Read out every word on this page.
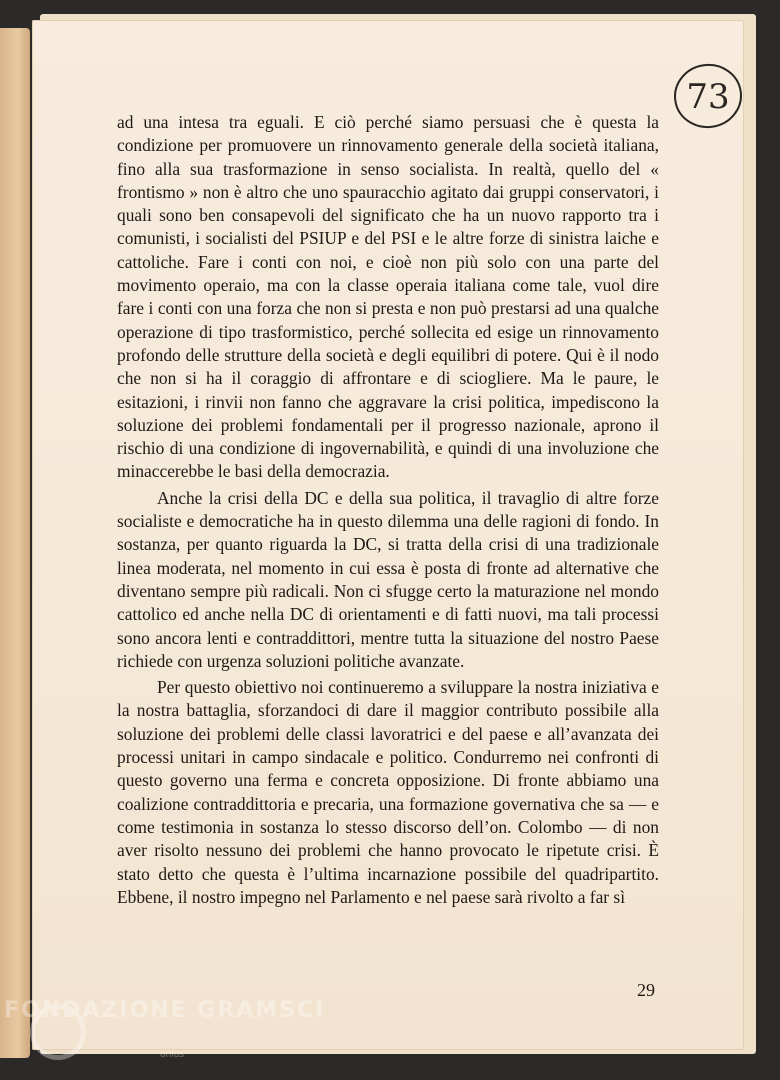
73

ad una intesa tra eguali. E ciò perché siamo persuasi che è questa la condizione per promuovere un rinnovamento generale della società italiana, fino alla sua trasformazione in senso socialista. In realtà, quello del « frontismo » non è altro che uno spauracchio agitato dai gruppi conservatori, i quali sono ben consapevoli del significato che ha un nuovo rapporto tra i comunisti, i socialisti del PSIUP e del PSI e le altre forze di sinistra laiche e cattoliche. Fare i conti con noi, e cioè non più solo con una parte del movimento operaio, ma con la classe operaia italiana come tale, vuol dire fare i conti con una forza che non si presta e non può prestarsi ad una qualche operazione di tipo trasformistico, perché sollecita ed esige un rinnovamento profondo delle strutture della società e degli equilibri di potere. Qui è il nodo che non si ha il coraggio di affrontare e di sciogliere. Ma le paure, le esitazioni, i rinvii non fanno che aggravare la crisi politica, impediscono la soluzione dei problemi fondamentali per il progresso nazionale, aprono il rischio di una condizione di ingovernabilità, e quindi di una involuzione che minaccerebbe le basi della democrazia.

Anche la crisi della DC e della sua politica, il travaglio di altre forze socialiste e democratiche ha in questo dilemma una delle ragioni di fondo. In sostanza, per quanto riguarda la DC, si tratta della crisi di una tradizionale linea moderata, nel momento in cui essa è posta di fronte ad alternative che diventano sempre più radicali. Non ci sfugge certo la maturazione nel mondo cattolico ed anche nella DC di orientamenti e di fatti nuovi, ma tali processi sono ancora lenti e contraddittori, mentre tutta la situazione del nostro Paese richiede con urgenza soluzioni politiche avanzate.

Per questo obiettivo noi continueremo a sviluppare la nostra iniziativa e la nostra battaglia, sforzandoci di dare il maggior contributo possibile alla soluzione dei problemi delle classi lavoratrici e del paese e all’avanzata dei processi unitari in campo sindacale e politico. Condurremo nei confronti di questo governo una ferma e concreta opposizione. Di fronte abbiamo una coalizione contraddittoria e precaria, una formazione governativa che sa — e come testimonia in sostanza lo stesso discorso dell’on. Colombo — di non aver risolto nessuno dei problemi che hanno provocato le ripetute crisi. È stato detto che questa è l’ultima incarnazione possibile del quadripartito. Ebbene, il nostro impegno nel Parlamento e nel paese sarà rivolto a far sì

29
FONDAZIONE GRAMSCI
onlus
